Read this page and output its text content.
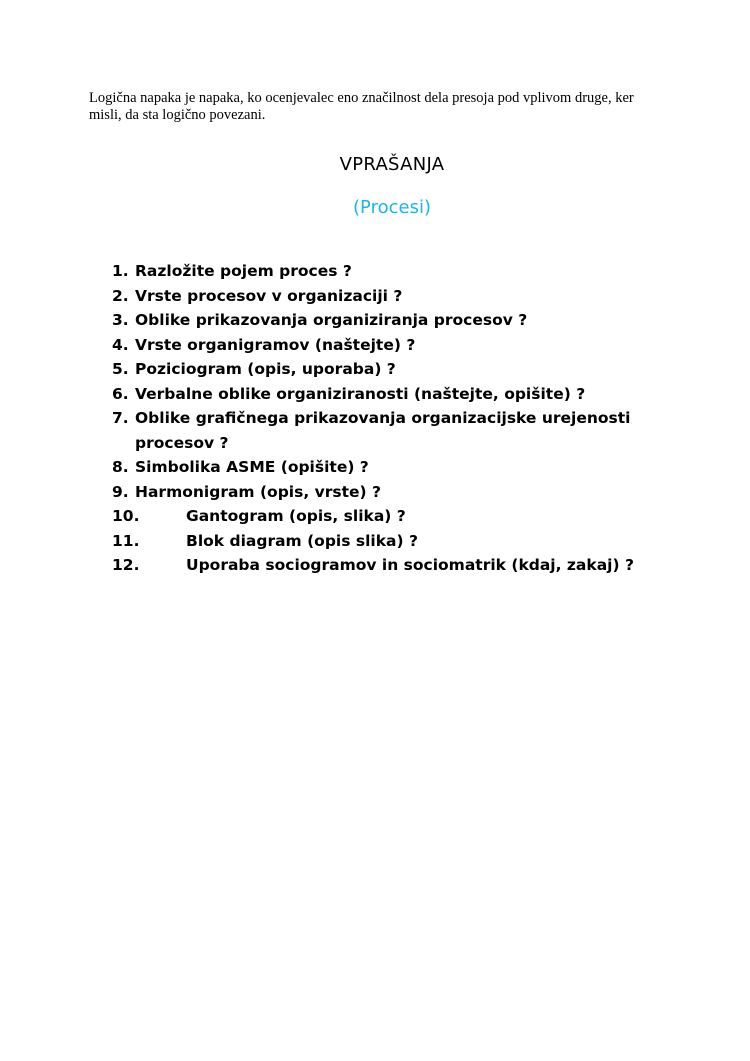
Logična napaka je napaka, ko ocenjevalec eno značilnost dela presoja pod vplivom druge, ker misli, da sta logično povezani.

VPRAŠANJA
(Procesi)
1. Razložite pojem proces ?
2. Vrste procesov v organizaciji ?
3. Oblike prikazovanja organiziranja procesov ?
4. Vrste organigramov (naštejte) ?
5. Poziciogram (opis, uporaba) ?
6. Verbalne oblike organiziranosti (naštejte, opišite) ?
7. Oblike grafičnega prikazovanja organizacijske urejenosti procesov ?
8. Simbolika ASME (opišite) ?
9. Harmonigram (opis, vrste) ?
10.	Gantogram (opis, slika) ?
11.	Blok diagram (opis slika) ?
12.	Uporaba sociogramov in sociomatrik (kdaj, zakaj) ?
